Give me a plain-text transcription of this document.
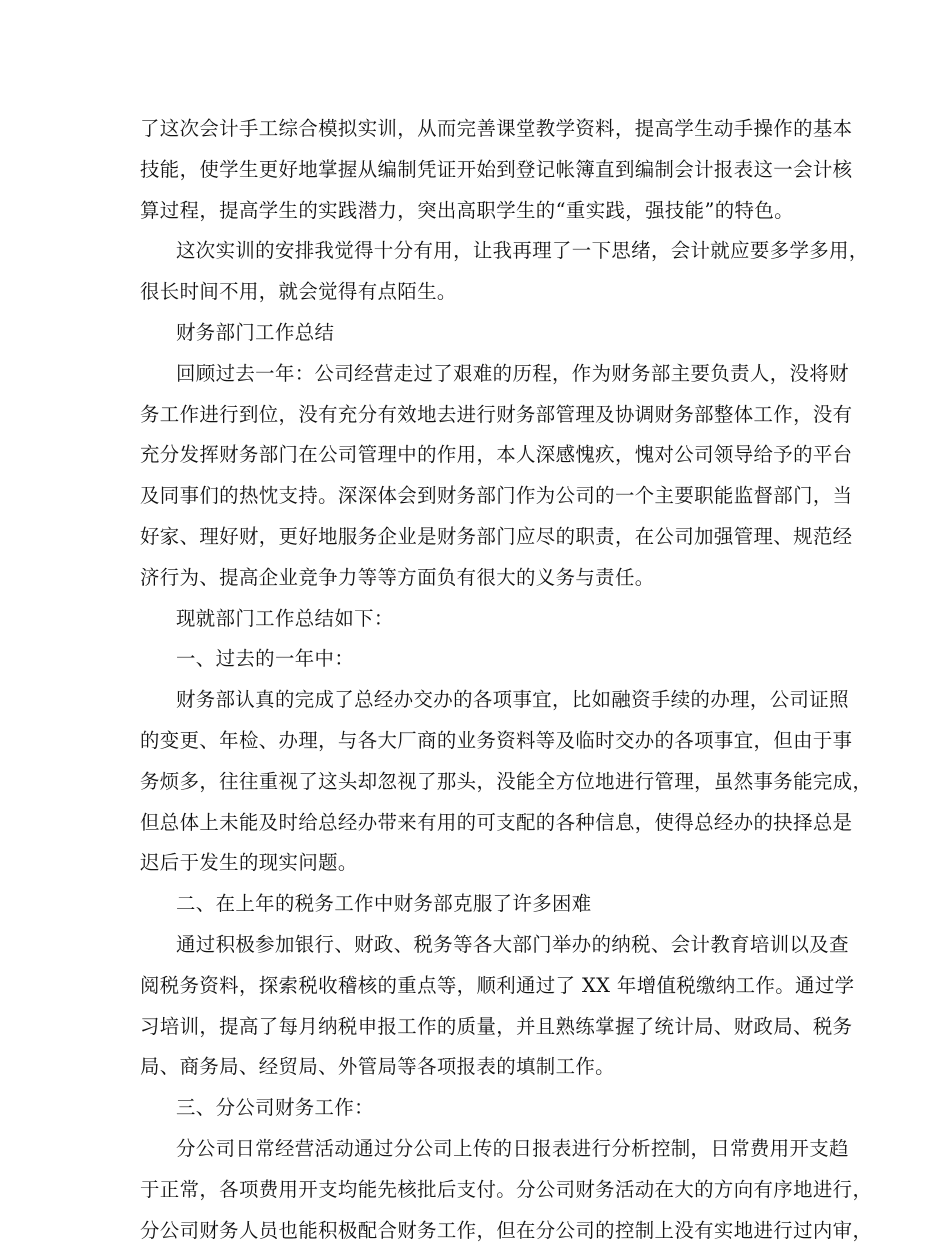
了这次会计手工综合模拟实训，从而完善课堂教学资料，提高学生动手操作的基本
技能，使学生更好地掌握从编制凭证开始到登记帐簿直到编制会计报表这一会计核
算过程，提高学生的实践潜力，突出高职学生的“重实践，强技能”的特色。
这次实训的安排我觉得十分有用，让我再理了一下思绪，会计就应要多学多用，
很长时间不用，就会觉得有点陌生。
财务部门工作总结
回顾过去一年：公司经营走过了艰难的历程，作为财务部主要负责人，没将财
务工作进行到位，没有充分有效地去进行财务部管理及协调财务部整体工作，没有
充分发挥财务部门在公司管理中的作用，本人深感愧疚，愧对公司领导给予的平台
及同事们的热忱支持。深深体会到财务部门作为公司的一个主要职能监督部门，当
好家、理好财，更好地服务企业是财务部门应尽的职责，在公司加强管理、规范经
济行为、提高企业竞争力等等方面负有很大的义务与责任。
现就部门工作总结如下：
一、过去的一年中：
财务部认真的完成了总经办交办的各项事宜，比如融资手续的办理，公司证照
的变更、年检、办理，与各大厂商的业务资料等及临时交办的各项事宜，但由于事
务烦多，往往重视了这头却忽视了那头，没能全方位地进行管理，虽然事务能完成，
但总体上未能及时给总经办带来有用的可支配的各种信息，使得总经办的抉择总是
迟后于发生的现实问题。
二、在上年的税务工作中财务部克服了许多困难
通过积极参加银行、财政、税务等各大部门举办的纳税、会计教育培训以及查
阅税务资料，探索税收稽核的重点等，顺利通过了 XX 年增值税缴纳工作。通过学
习培训，提高了每月纳税申报工作的质量，并且熟练掌握了统计局、财政局、税务
局、商务局、经贸局、外管局等各项报表的填制工作。
三、分公司财务工作：
分公司日常经营活动通过分公司上传的日报表进行分析控制，日常费用开支趋
于正常，各项费用开支均能先核批后支付。分公司财务活动在大的方向有序地进行，
分公司财务人员也能积极配合财务工作，但在分公司的控制上没有实地进行过内审，
